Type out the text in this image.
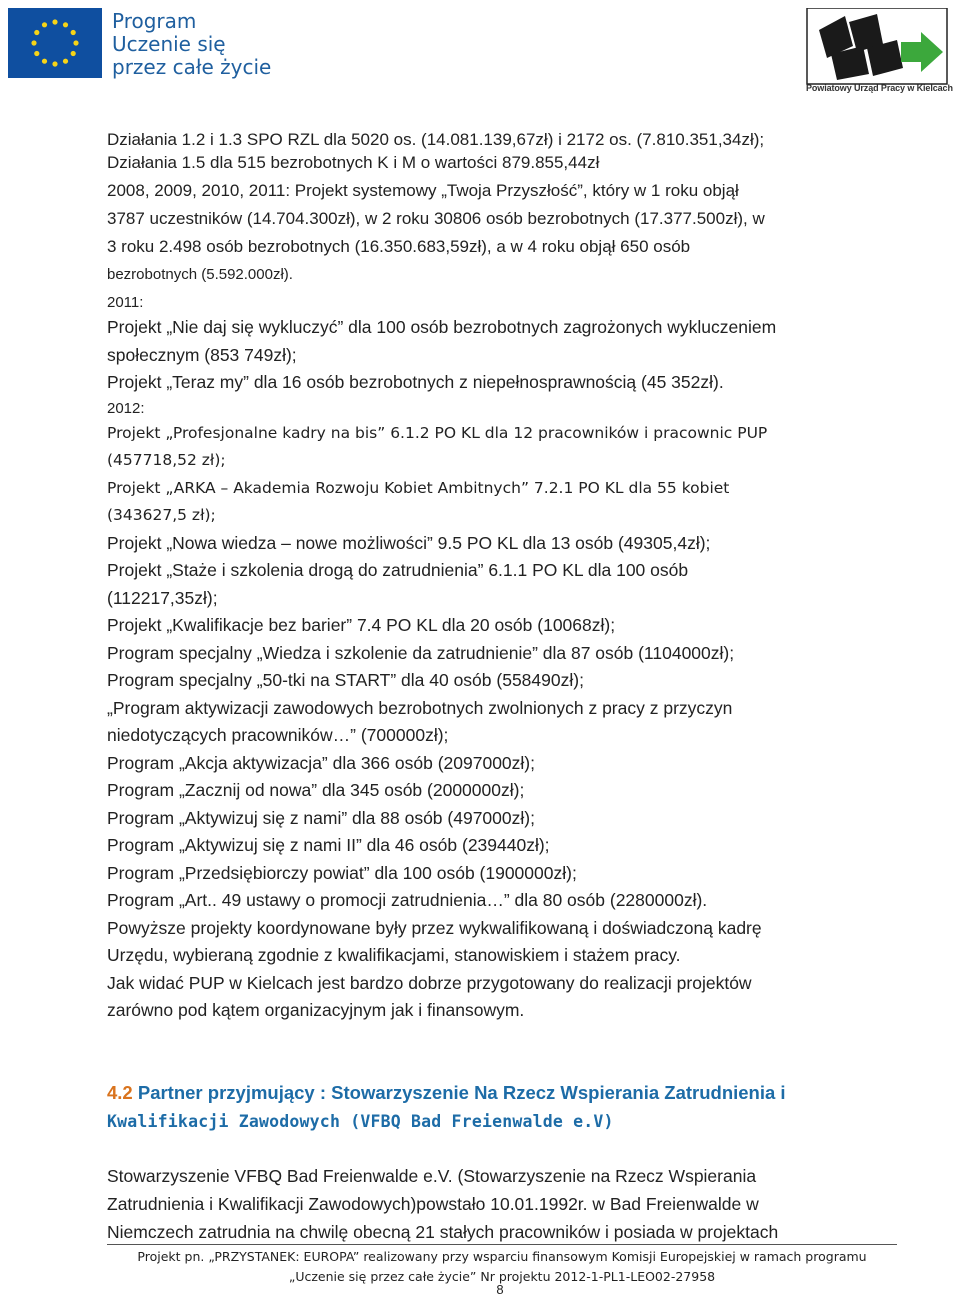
Program
Uczenie się
przez całe życie
Powiatowy Urząd Pracy w Kielcach

Działania 1.2 i 1.3 SPO RZL dla 5020 os. (14.081.139,67zł) i 2172 os. (7.810.351,34zł);

Działania 1.5 dla 515 bezrobotnych K i M o wartości 879.855,44zł

2008, 2009, 2010, 2011: Projekt systemowy „Twoja Przyszłość”, który w 1 roku objął

3787 uczestników (14.704.300zł), w 2 roku 30806 osób bezrobotnych (17.377.500zł), w

3 roku 2.498 osób bezrobotnych (16.350.683,59zł), a w 4 roku objął 650 osób

bezrobotnych (5.592.000zł).

2011:

Projekt „Nie daj się wykluczyć” dla 100 osób bezrobotnych zagrożonych wykluczeniem

społecznym (853 749zł);

Projekt „Teraz my” dla 16 osób bezrobotnych z niepełnosprawnością (45 352zł).

2012:

Projekt „Profesjonalne kadry na bis” 6.1.2 PO KL dla 12 pracowników i pracownic PUP

(457718,52 zł);

Projekt „ARKA – Akademia Rozwoju Kobiet Ambitnych” 7.2.1 PO KL dla 55 kobiet

(343627,5 zł);

Projekt „Nowa wiedza – nowe możliwości” 9.5 PO KL dla 13 osób (49305,4zł);

Projekt „Staże i szkolenia drogą do zatrudnienia” 6.1.1 PO KL dla 100 osób

(112217,35zł);

Projekt „Kwalifikacje bez barier” 7.4 PO KL dla 20 osób (10068zł);

Program specjalny „Wiedza i szkolenie da zatrudnienie” dla 87 osób (1104000zł);

Program specjalny „50-tki na START” dla 40 osób (558490zł);

„Program aktywizacji zawodowych bezrobotnych zwolnionych z pracy z przyczyn

niedotyczących pracowników…” (700000zł);

Program „Akcja aktywizacja” dla 366 osób (2097000zł);

Program „Zacznij od nowa” dla 345 osób (2000000zł);

Program „Aktywizuj się z nami” dla 88 osób (497000zł);

Program „Aktywizuj się z nami II” dla 46 osób (239440zł);

Program „Przedsiębiorczy powiat” dla 100 osób (1900000zł);

Program „Art.. 49 ustawy o promocji zatrudnienia…” dla 80 osób (2280000zł).

Powyższe projekty koordynowane były przez wykwalifikowaną i doświadczoną kadrę

Urzędu, wybieraną zgodnie z kwalifikacjami, stanowiskiem i stażem pracy.

Jak widać PUP w Kielcach jest bardzo dobrze przygotowany do realizacji projektów

zarówno pod kątem organizacyjnym jak i finansowym.

4.2 Partner przyjmujący : Stowarzyszenie Na Rzecz Wspierania Zatrudnienia i
Kwalifikacji Zawodowych (VFBQ Bad Freienwalde e.V)

Stowarzyszenie VFBQ Bad Freienwalde e.V. (Stowarzyszenie na Rzecz Wspierania

Zatrudnienia i Kwalifikacji Zawodowych)powstało 10.01.1992r. w Bad Freienwalde w

Niemczech zatrudnia na chwilę obecną 21 stałych pracowników i posiada w projektach

Projekt pn. „PRZYSTANEK: EUROPA” realizowany przy wsparciu finansowym Komisji Europejskiej w ramach programu
„Uczenie się przez całe życie” Nr projektu 2012-1-PL1-LEO02-27958
8
